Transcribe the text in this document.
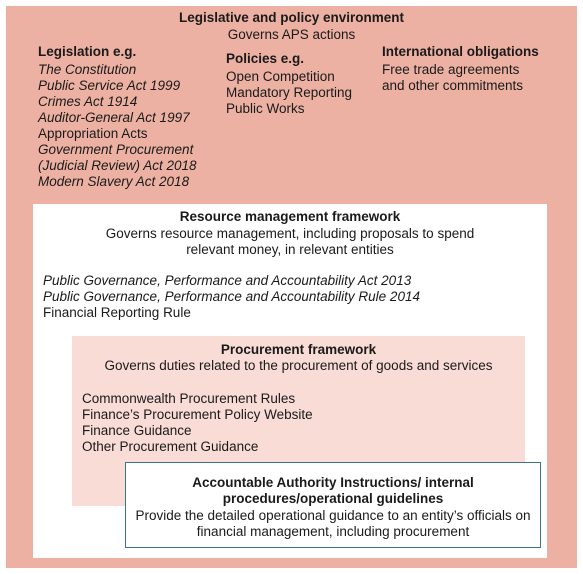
Legislative and policy environment
Governs APS actions
Legislation e.g.
The Constitution
Public Service Act 1999
Crimes Act 1914
Auditor-General Act 1997
Appropriation Acts
Government Procurement
(Judicial Review) Act 2018
Modern Slavery Act 2018
Policies e.g.
Open Competition
Mandatory Reporting
Public Works
International obligations
Free trade agreements
and other commitments
Resource management framework
Governs resource management, including proposals to spend
relevant money, in relevant entities
Public Governance, Performance and Accountability Act 2013
Public Governance, Performance and Accountability Rule 2014
Financial Reporting Rule
Procurement framework
Governs duties related to the procurement of goods and services
Commonwealth Procurement Rules
Finance’s Procurement Policy Website
Finance Guidance
Other Procurement Guidance
Accountable Authority Instructions/ internal
procedures/operational guidelines
Provide the detailed operational guidance to an entity’s officials on
financial management, including procurement
